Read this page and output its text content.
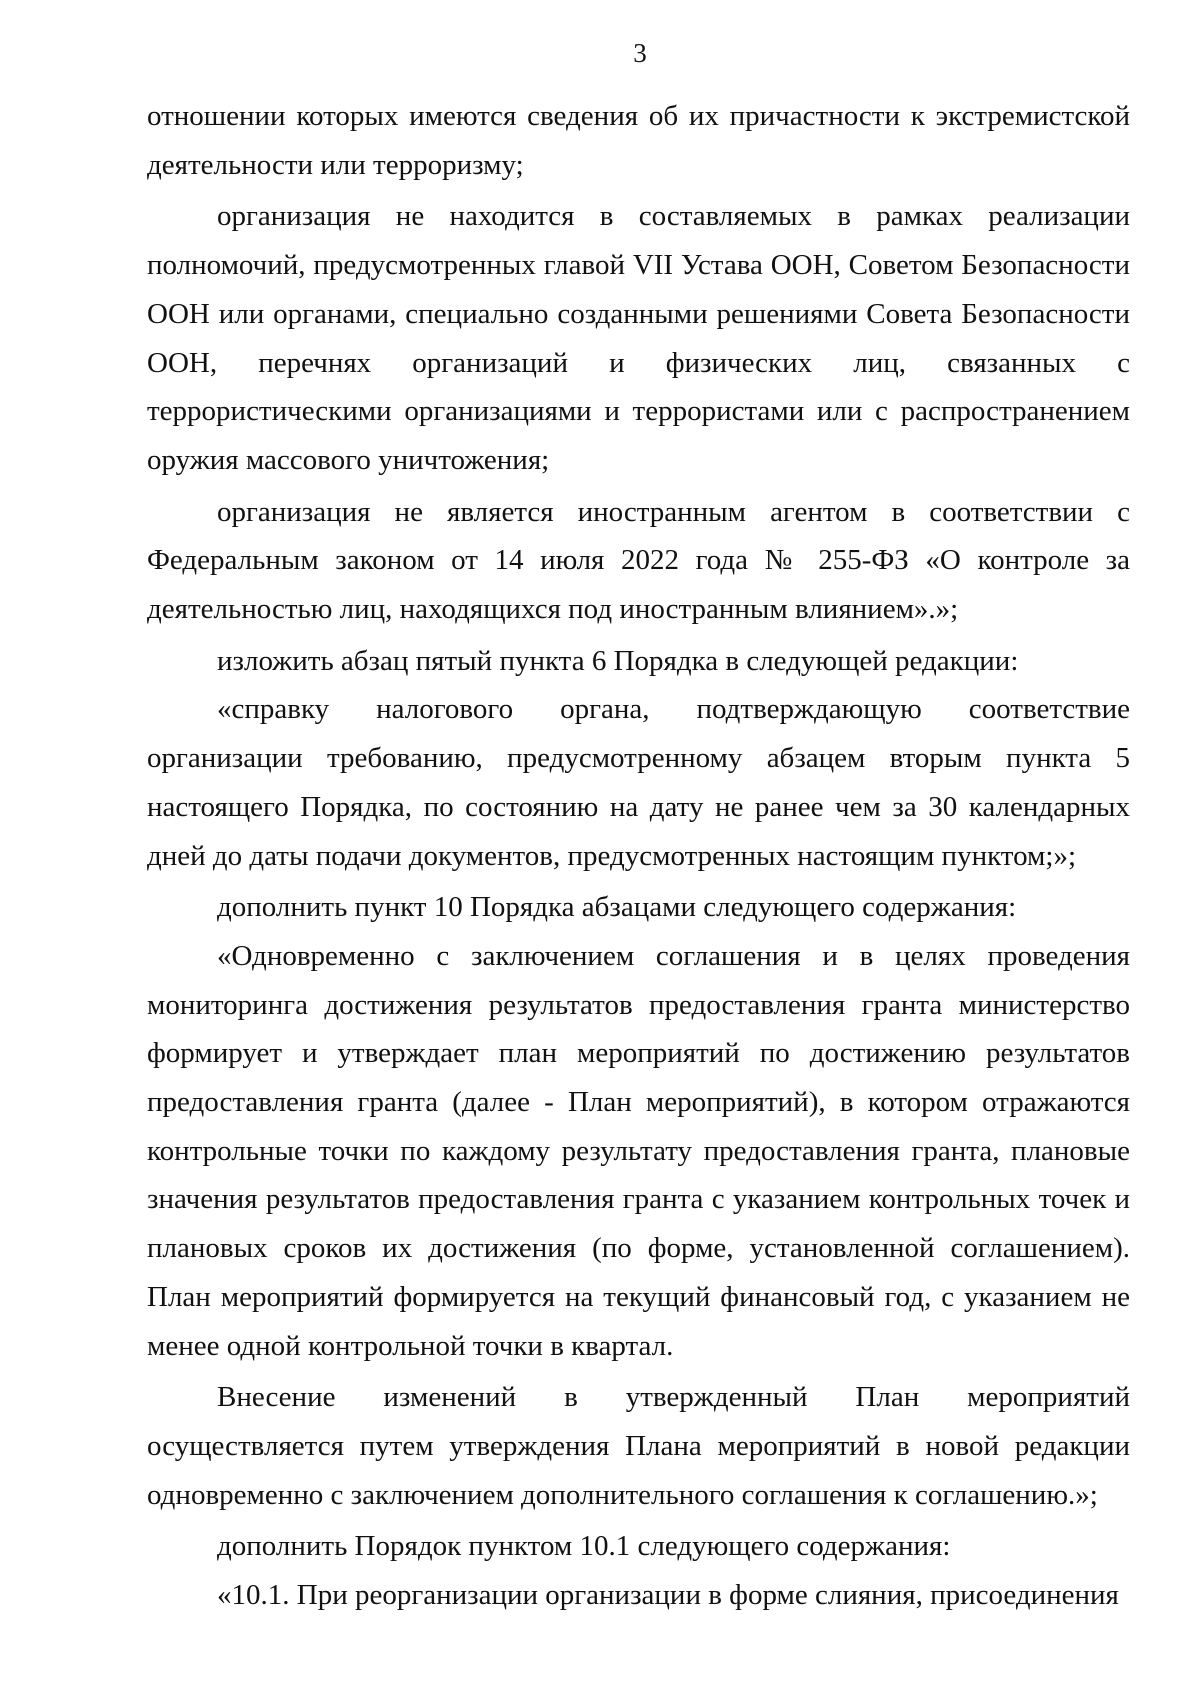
3

отношении которых имеются сведения об их причастности к экстремистской деятельности или терроризму;

организация не находится в составляемых в рамках реализации полномочий, предусмотренных главой VII Устава ООН, Советом Безопасности ООН или органами, специально созданными решениями Совета Безопасности ООН, перечнях организаций и физических лиц, связанных с террористическими организациями и террористами или с распространением оружия массового уничтожения;

организация не является иностранным агентом в соответствии с Федеральным законом от 14 июля 2022 года № 255-ФЗ «О контроле за деятельностью лиц, находящихся под иностранным влиянием».»;

изложить абзац пятый пункта 6 Порядка в следующей редакции:

«справку налогового органа, подтверждающую соответствие организации требованию, предусмотренному абзацем вторым пункта 5 настоящего Порядка, по состоянию на дату не ранее чем за 30 календарных дней до даты подачи документов, предусмотренных настоящим пунктом;»;

дополнить пункт 10 Порядка абзацами следующего содержания:

«Одновременно с заключением соглашения и в целях проведения мониторинга достижения результатов предоставления гранта министерство формирует и утверждает план мероприятий по достижению результатов предоставления гранта (далее - План мероприятий), в котором отражаются контрольные точки по каждому результату предоставления гранта, плановые значения результатов предоставления гранта с указанием контрольных точек и плановых сроков их достижения (по форме, установленной соглашением). План мероприятий формируется на текущий финансовый год, с указанием не менее одной контрольной точки в квартал.

Внесение изменений в утвержденный План мероприятий осуществляется путем утверждения Плана мероприятий в новой редакции одновременно с заключением дополнительного соглашения к соглашению.»;

дополнить Порядок пунктом 10.1 следующего содержания:

«10.1. При реорганизации организации в форме слияния, присоединения
